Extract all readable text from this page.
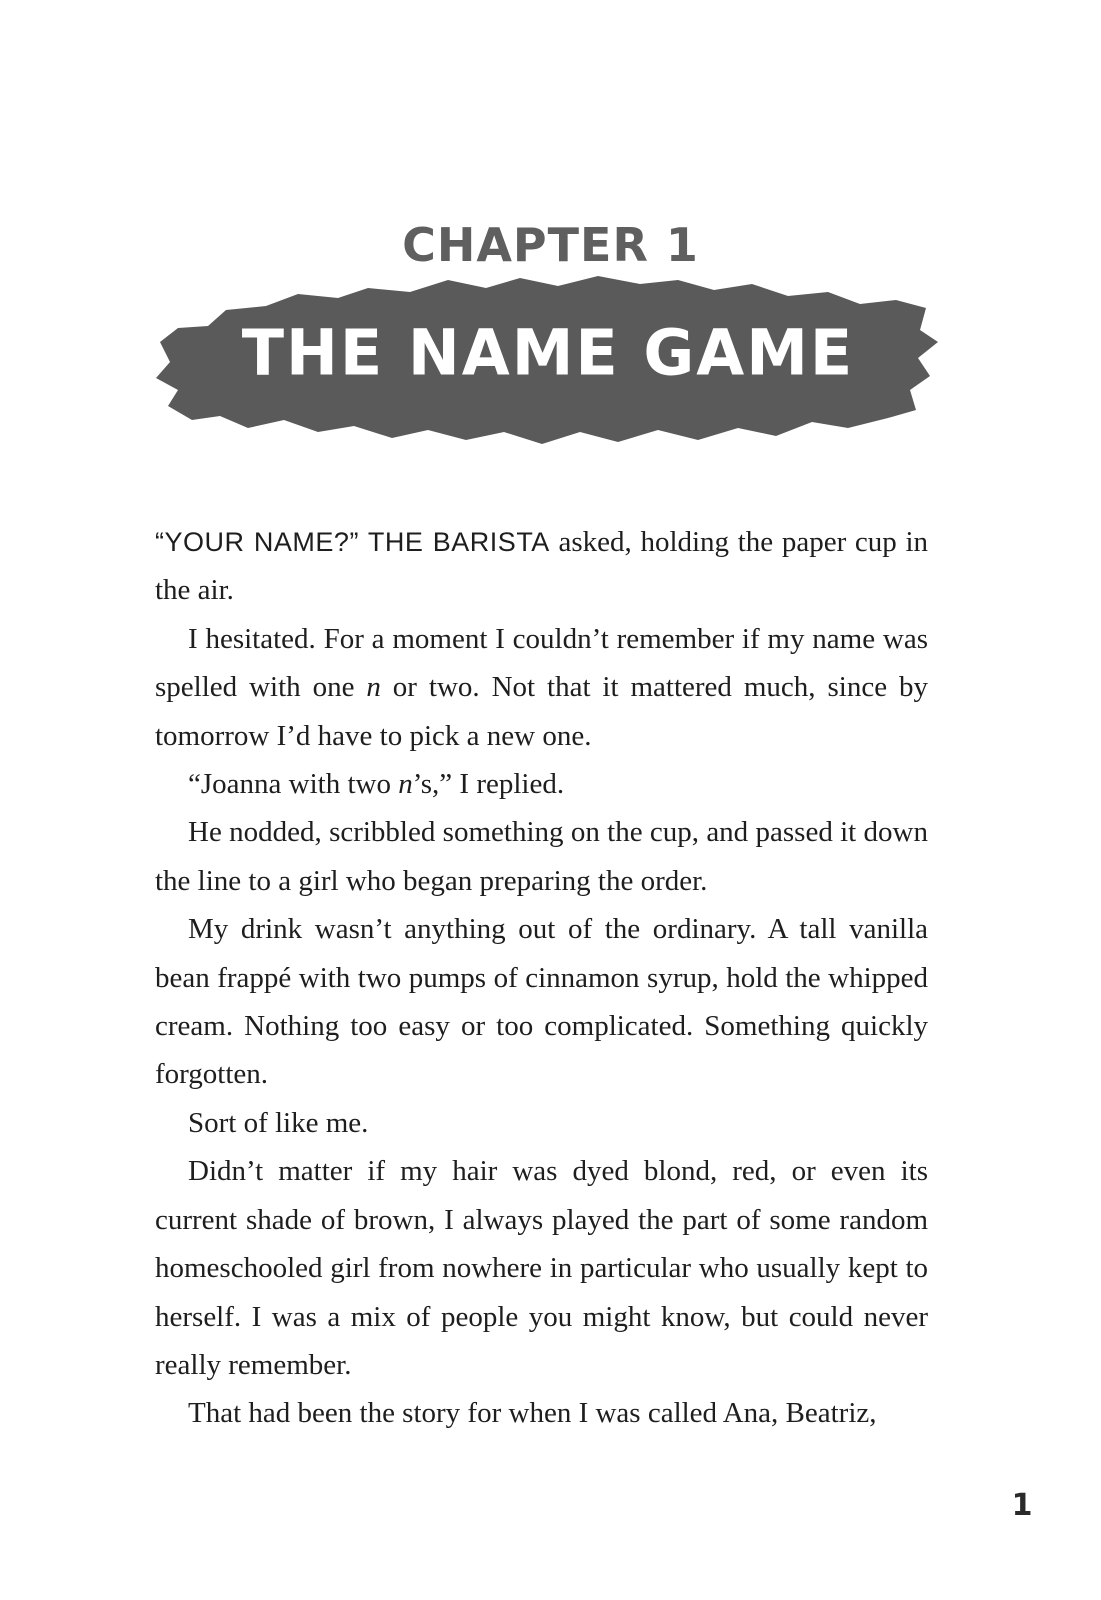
CHAPTER 1
THE NAME GAME

“YOUR NAME?” THE BARISTA asked, holding the paper cup in the air.

I hesitated. For a moment I couldn’t remember if my name was spelled with one n or two. Not that it mattered much, since by tomorrow I’d have to pick a new one.

“Joanna with two n’s,” I replied.

He nodded, scribbled something on the cup, and passed it down the line to a girl who began preparing the order.

My drink wasn’t anything out of the ordinary. A tall vanilla bean frappé with two pumps of cinnamon syrup, hold the whipped cream. Nothing too easy or too complicated. Something quickly forgotten.

Sort of like me.

Didn’t matter if my hair was dyed blond, red, or even its current shade of brown, I always played the part of some random homeschooled girl from nowhere in particular who usually kept to herself. I was a mix of people you might know, but could never really remember.

That had been the story for when I was called Ana, Beatriz,

1
